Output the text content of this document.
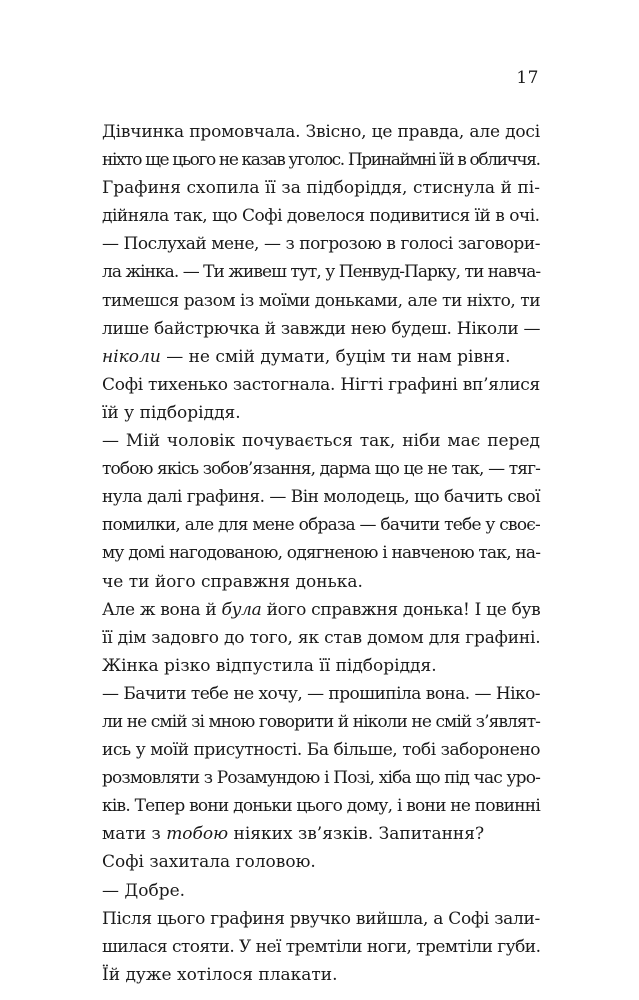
17
Дівчинка промовчала. Звісно, це правда, але досі
ніхто ще цього не казав уголос. Принаймні їй в обличчя.
Графиня схопила її за підборіддя, стиснула й пі-
дійняла так, що Софі довелося подивитися їй в очі.
— Послухай мене, — з погрозою в голосі заговори-
ла жінка. — Ти живеш тут, у Пенвуд-Парку, ти навча-
тимешся разом із моїми доньками, але ти ніхто, ти
лише байстрючка й завжди нею будеш. Ніколи —
ніколи — не смій думати, буцім ти нам рівня.
Софі тихенько застогнала. Нігті графині вп’ялися
їй у підборіддя.
— Мій чоловік почувається так, ніби має перед
тобою якісь зобов’язання, дарма що це не так, — тяг-
нула далі графиня. — Він молодець, що бачить свої
помилки, але для мене образа — бачити тебе у своє-
му домі нагодованою, одягненою і навченою так, на-
че ти його справжня донька.
Але ж вона й була його справжня донька! І це був
її дім задовго до того, як став домом для графині.
Жінка різко відпустила її підборіддя.
— Бачити тебе не хочу, — прошипіла вона. — Ніко-
ли не смій зі мною говорити й ніколи не смій з’являт-
ись у моїй присутності. Ба більше, тобі заборонено
розмовляти з Розамундою і Позі, хіба що під час уро-
ків. Тепер вони доньки цього дому, і вони не повинні
мати з тобою ніяких зв’язків. Запитання?
Софі захитала головою.
— Добре.
Після цього графиня рвучко вийшла, а Софі зали-
шилася стояти. У неї тремтіли ноги, тремтіли губи.
Їй дуже хотілося плакати.
